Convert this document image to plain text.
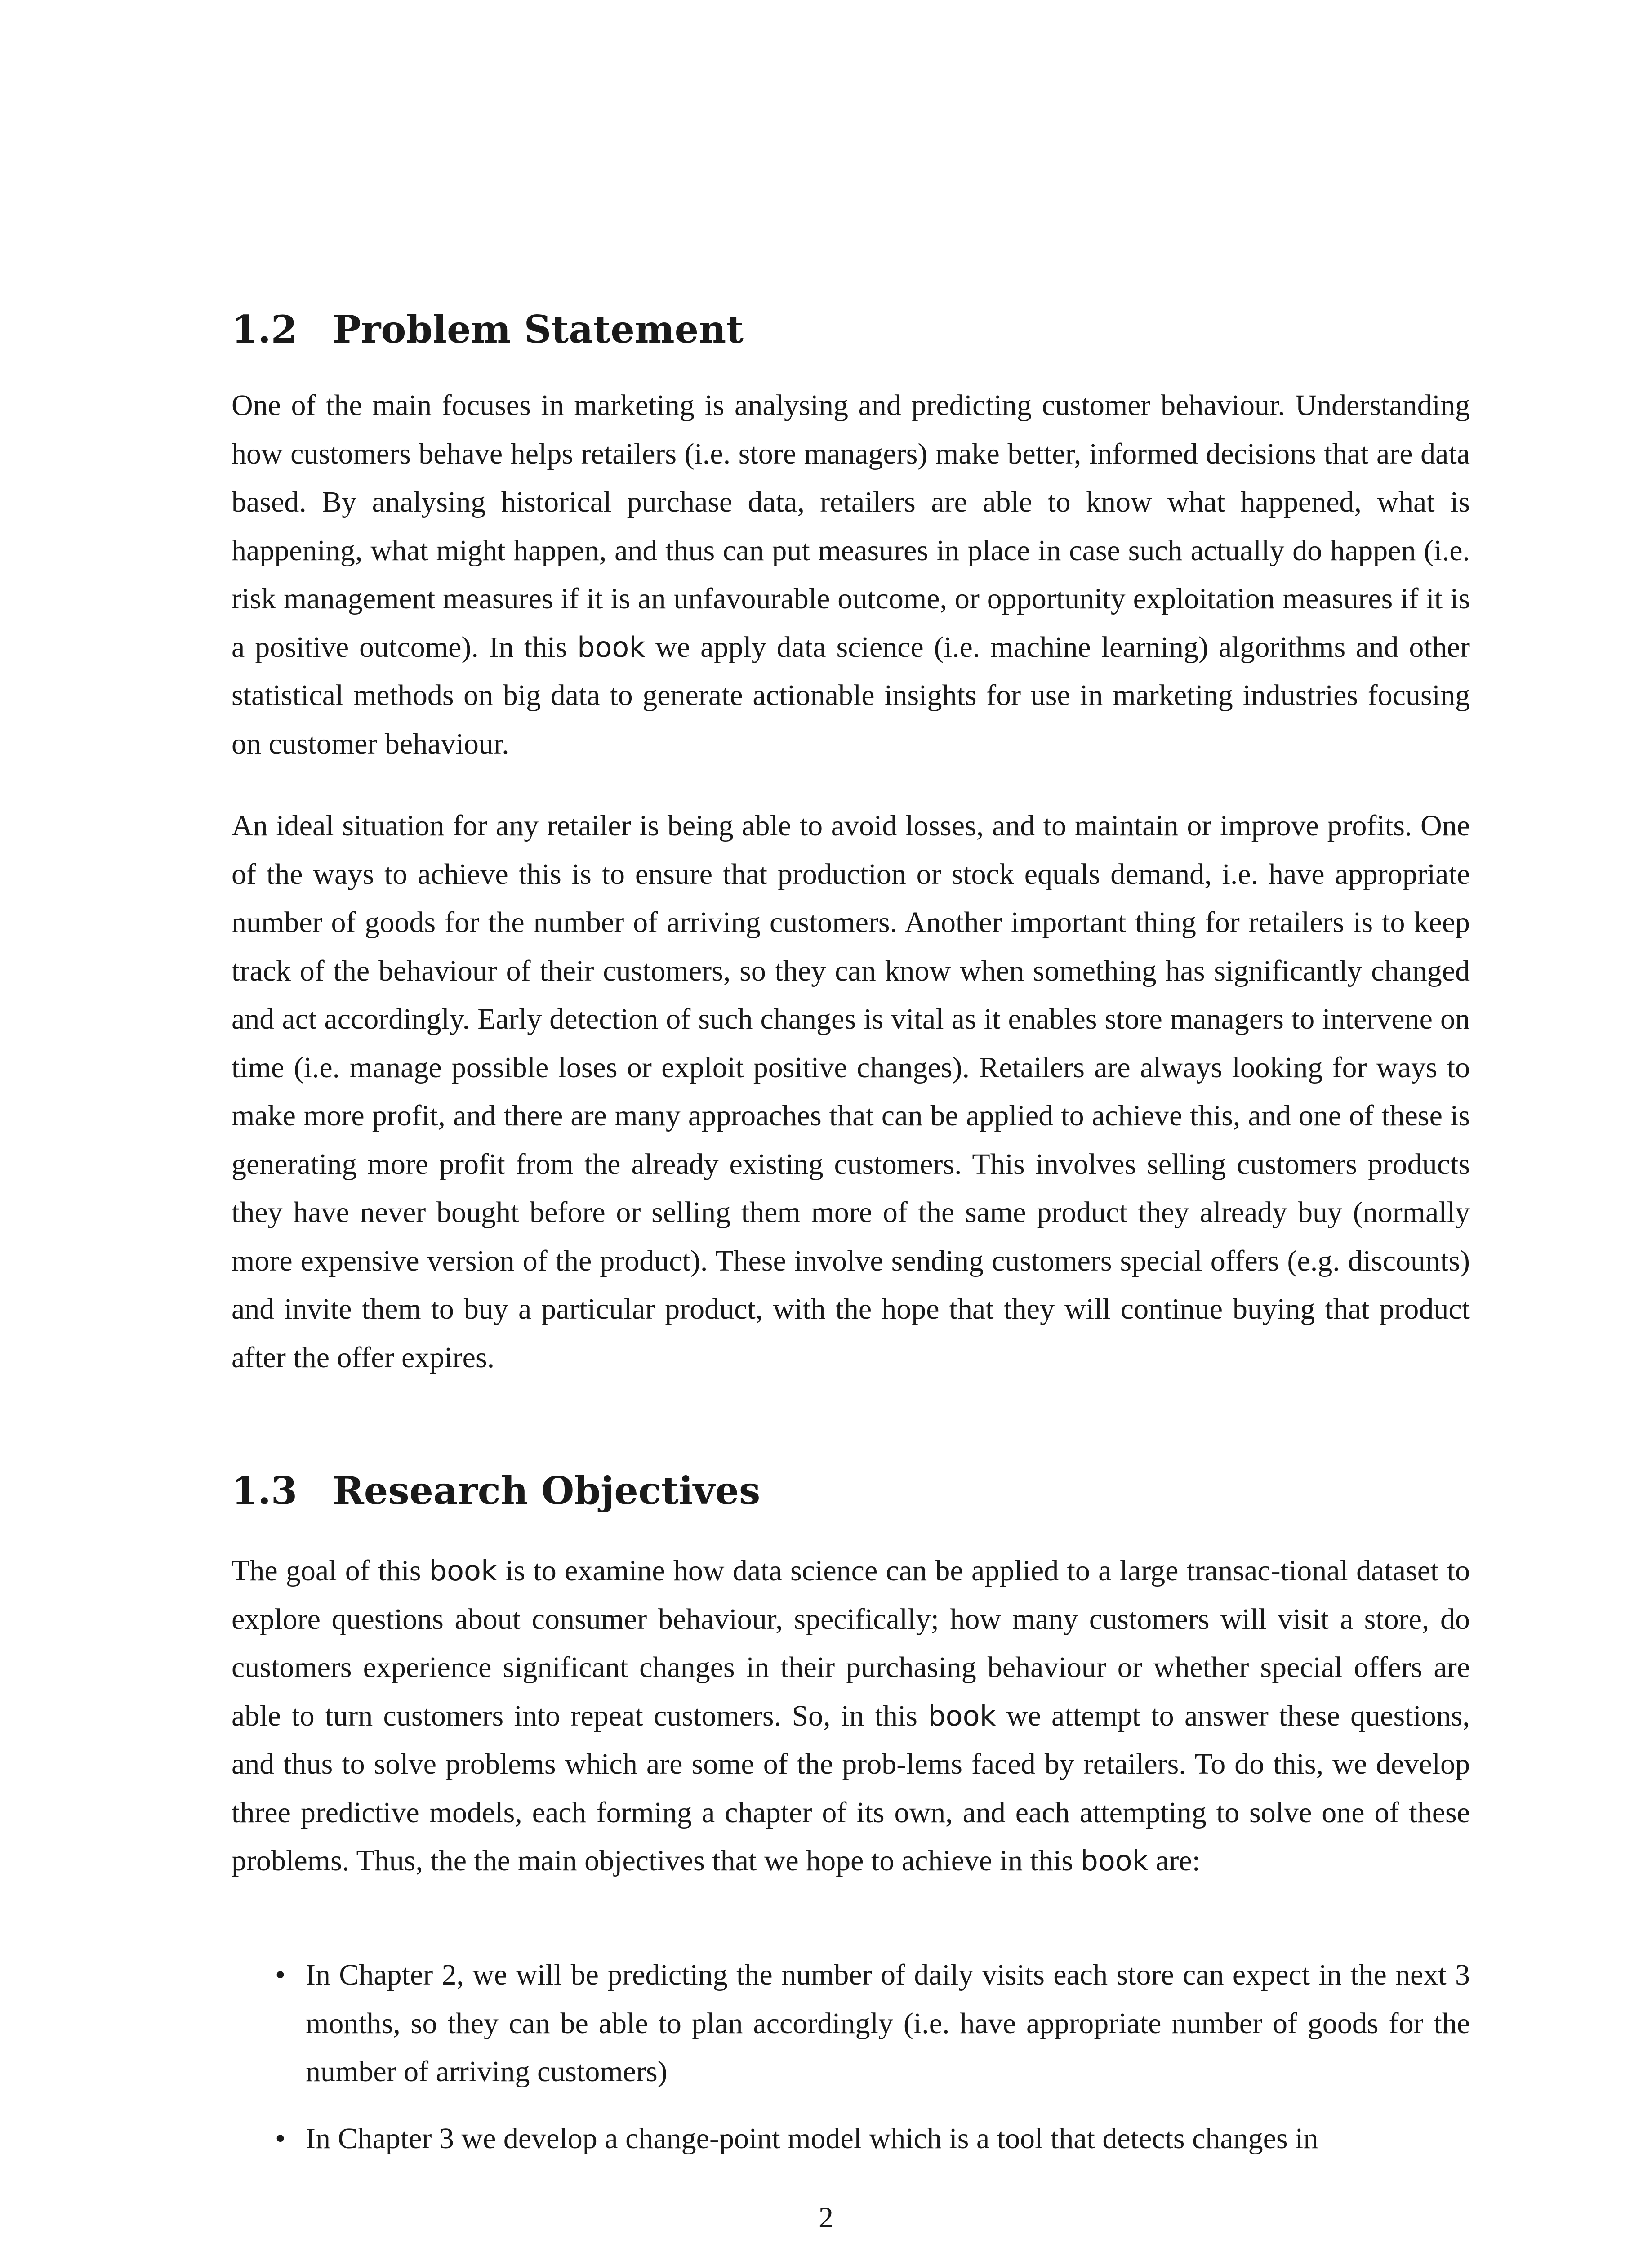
1.2 Problem Statement

One of the main focuses in marketing is analysing and predicting customer behaviour. Understanding how customers behave helps retailers (i.e. store managers) make better, informed decisions that are data based. By analysing historical purchase data, retailers are able to know what happened, what is happening, what might happen, and thus can put measures in place in case such actually do happen (i.e. risk management measures if it is an unfavourable outcome, or opportunity exploitation measures if it is a positive outcome). In this book we apply data science (i.e. machine learning) algorithms and other statistical methods on big data to generate actionable insights for use in marketing industries focusing on customer behaviour.

An ideal situation for any retailer is being able to avoid losses, and to maintain or improve profits. One of the ways to achieve this is to ensure that production or stock equals demand, i.e. have appropriate number of goods for the number of arriving customers. Another important thing for retailers is to keep track of the behaviour of their customers, so they can know when something has significantly changed and act accordingly. Early detection of such changes is vital as it enables store managers to intervene on time (i.e. manage possible loses or exploit positive changes). Retailers are always looking for ways to make more profit, and there are many approaches that can be applied to achieve this, and one of these is generating more profit from the already existing customers. This involves selling customers products they have never bought before or selling them more of the same product they already buy (normally more expensive version of the product). These involve sending customers special offers (e.g. discounts) and invite them to buy a particular product, with the hope that they will continue buying that product after the offer expires.

1.3 Research Objectives

The goal of this book is to examine how data science can be applied to a large transac-tional dataset to explore questions about consumer behaviour, specifically; how many customers will visit a store, do customers experience significant changes in their purchasing behaviour or whether special offers are able to turn customers into repeat customers. So, in this book we attempt to answer these questions, and thus to solve problems which are some of the prob-lems faced by retailers. To do this, we develop three predictive models, each forming a chapter of its own, and each attempting to solve one of these problems. Thus, the the main objectives that we hope to achieve in this book are:

• In Chapter 2, we will be predicting the number of daily visits each store can expect in the next 3 months, so they can be able to plan accordingly (i.e. have appropriate number of goods for the number of arriving customers)

• In Chapter 3 we develop a change-point model which is a tool that detects changes in

2
